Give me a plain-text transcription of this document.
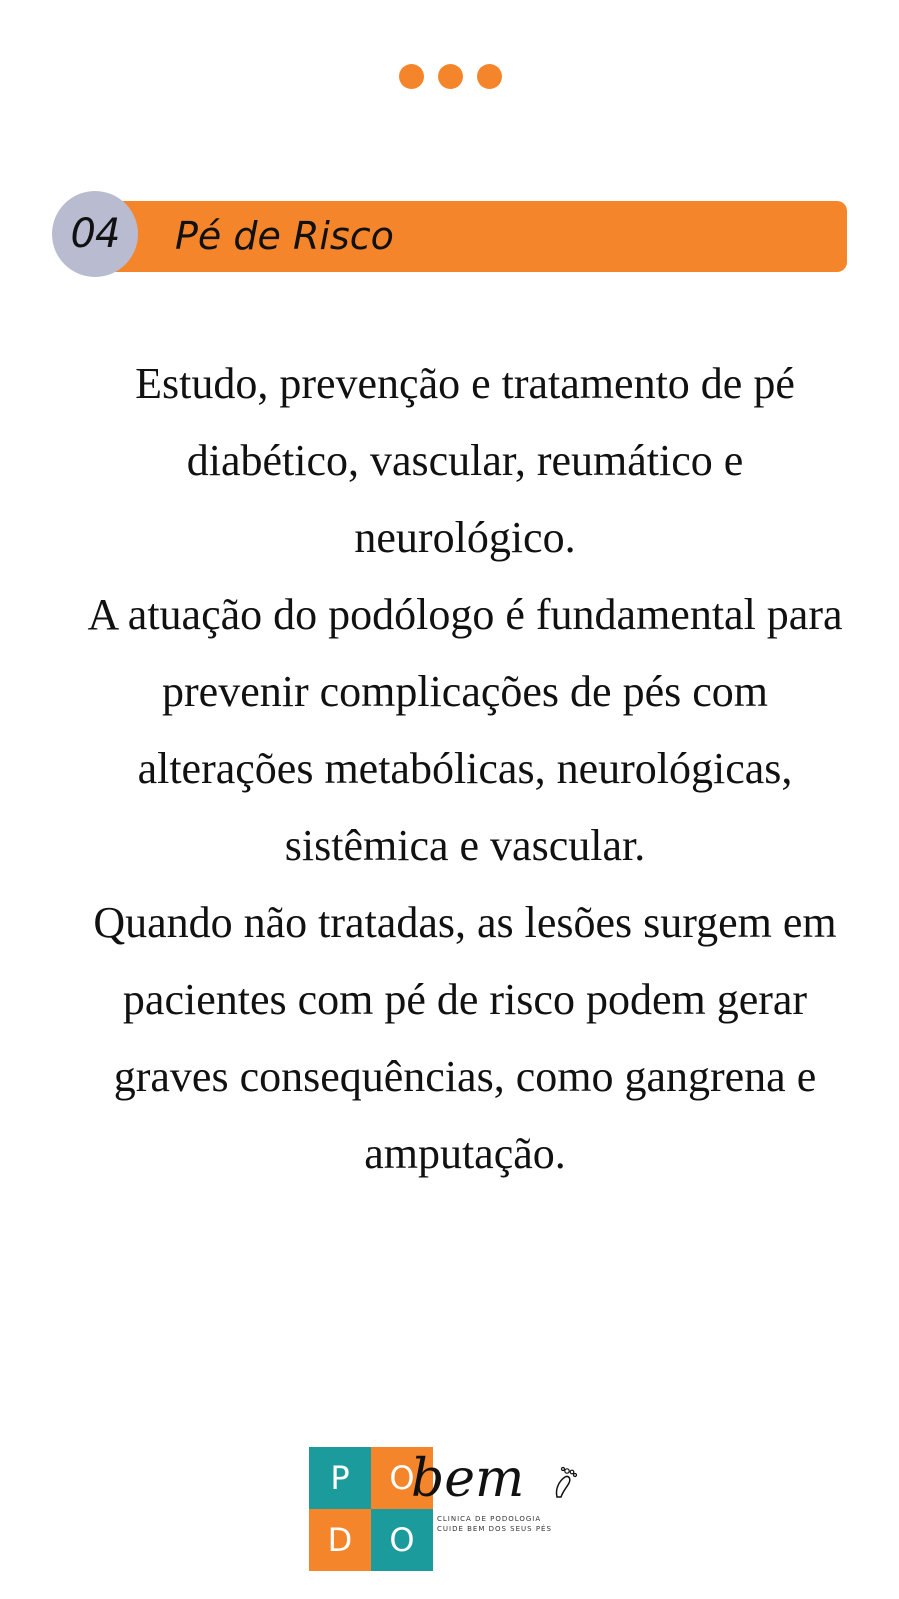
04 Pé de Risco

Estudo, prevenção e tratamento de pé diabético, vascular, reumático e neurológico.

A atuação do podólogo é fundamental para prevenir complicações de pés com alterações metabólicas, neurológicas, sistêmica e vascular.

Quando não tratadas, as lesões surgem em pacientes com pé de risco podem gerar graves consequências, como gangrena e amputação.

P	O
D	O
bem
CLINICA DE PODOLOGIA
CUIDE BEM DOS SEUS PÉS
